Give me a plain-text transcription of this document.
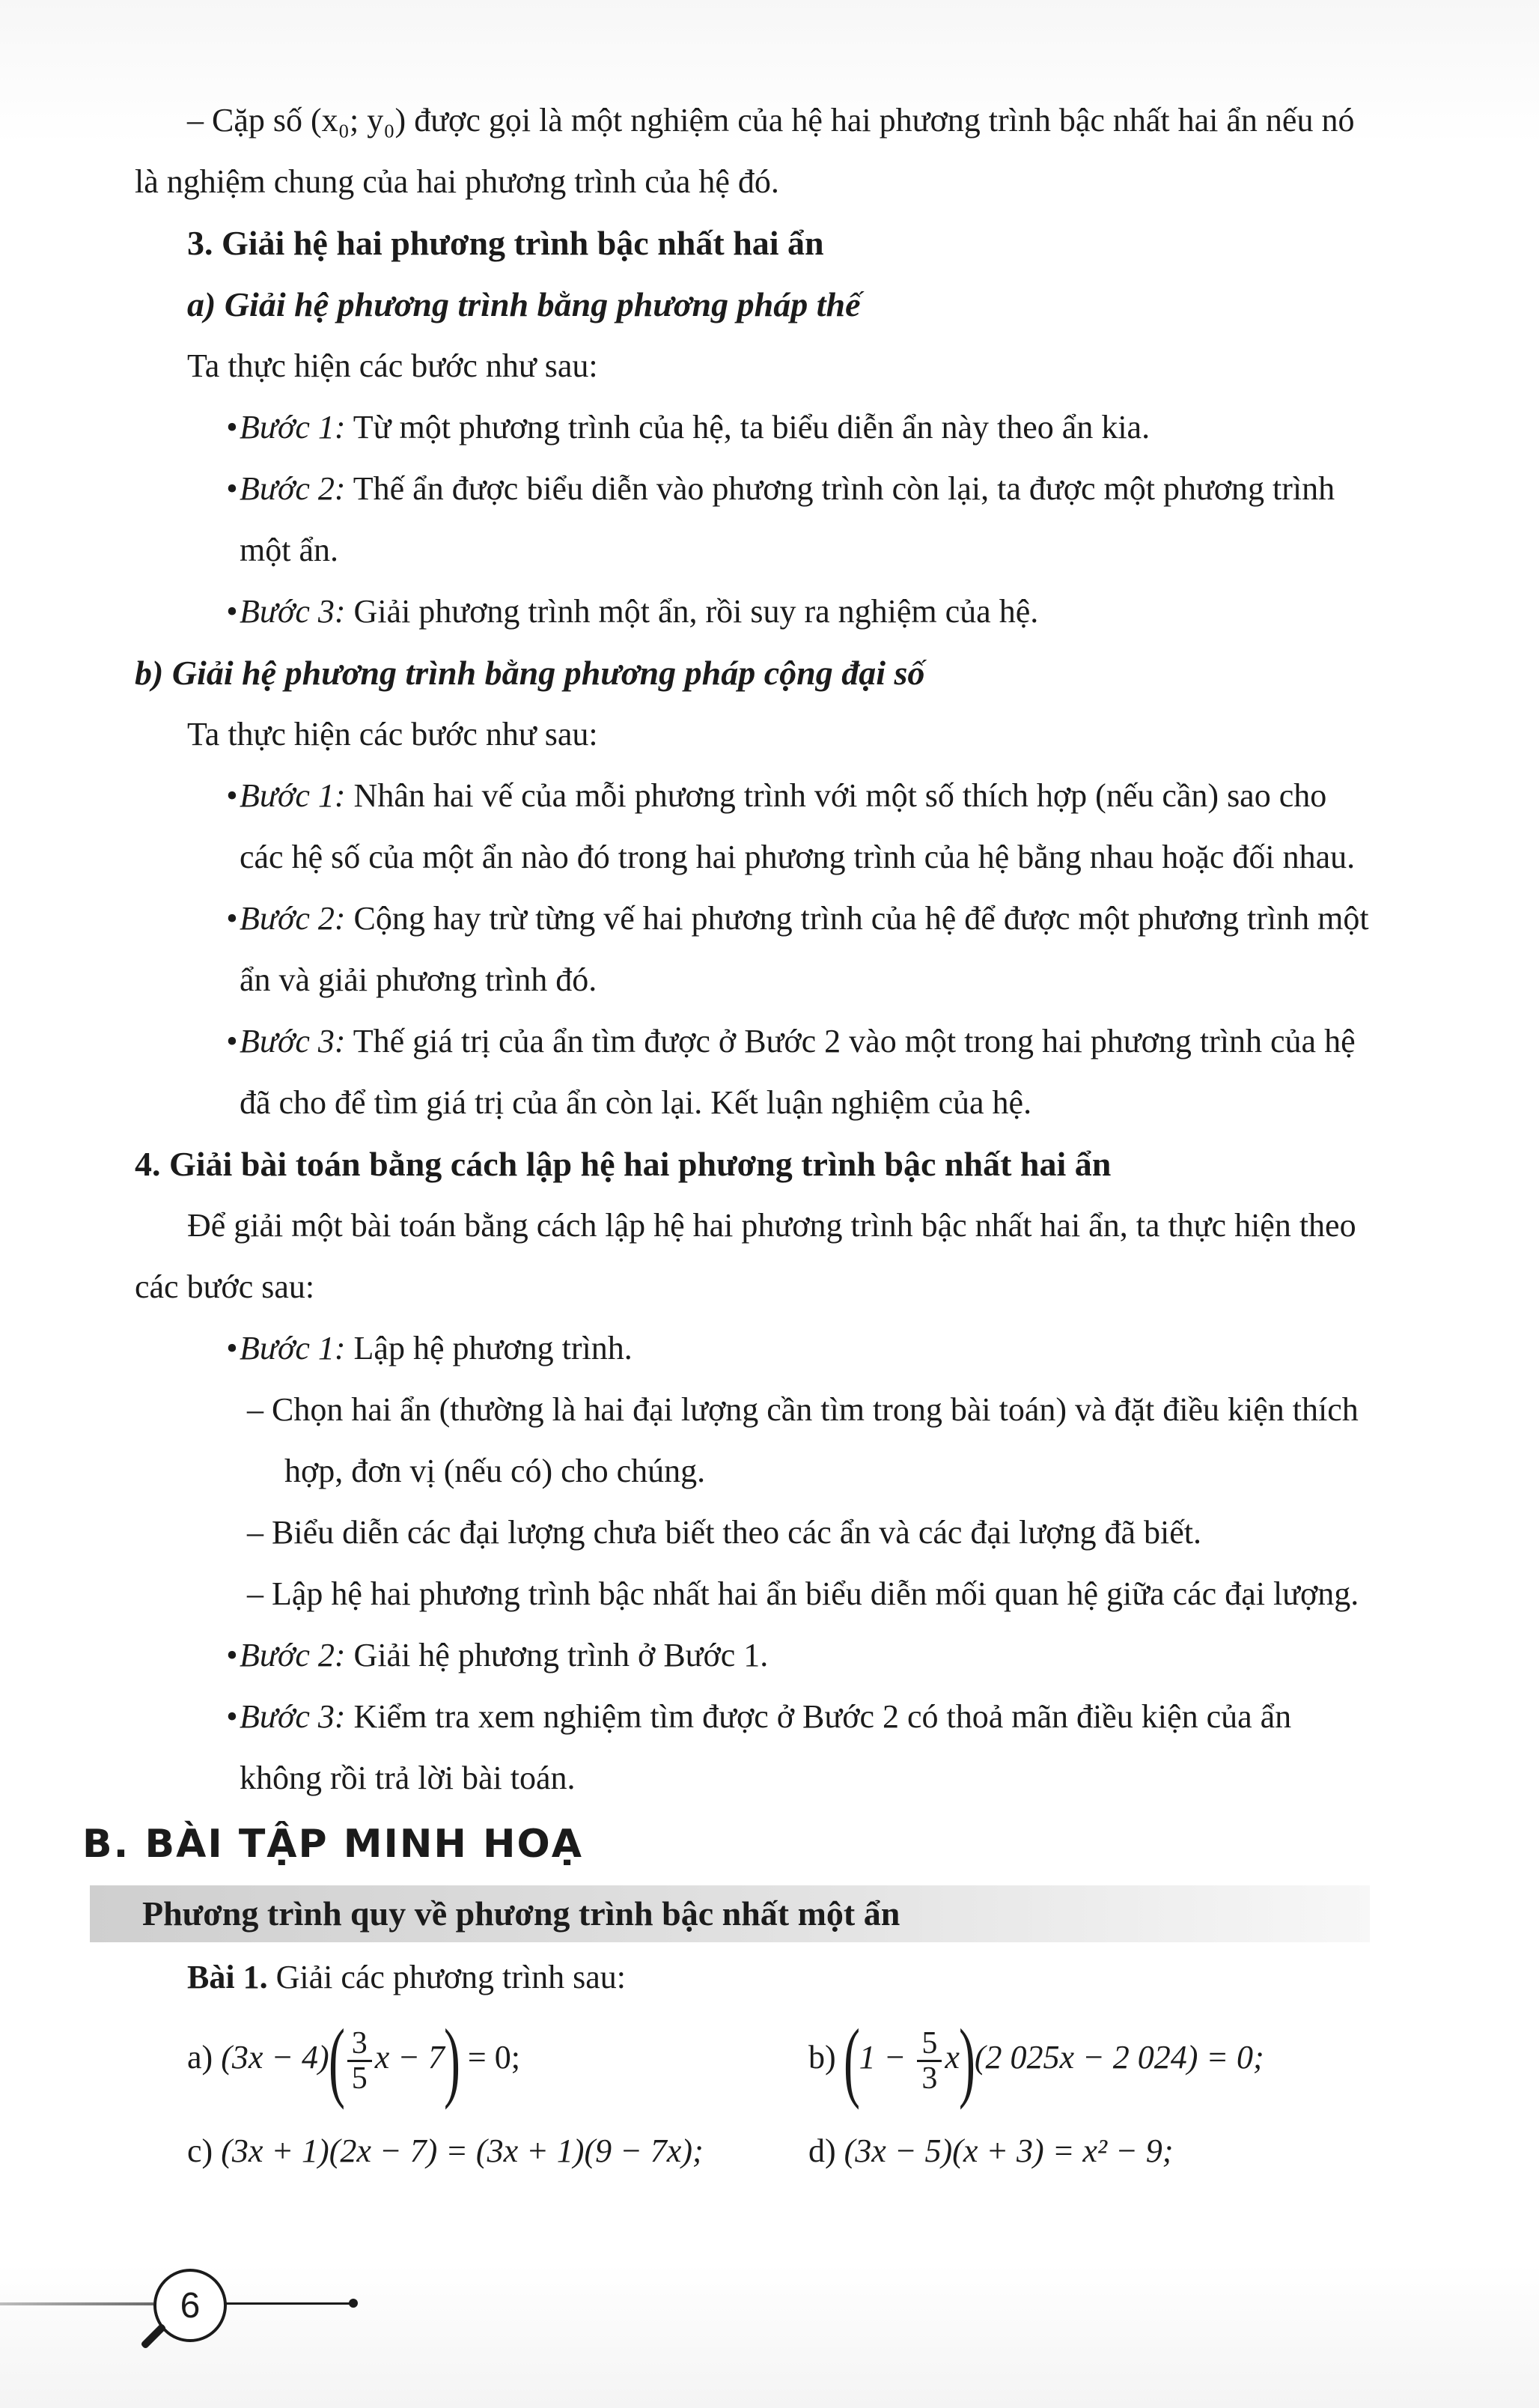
– Cặp số (x₀; y₀) được gọi là một nghiệm của hệ hai phương trình bậc nhất hai ẩn nếu nó

là nghiệm chung của hai phương trình của hệ đó.

3. Giải hệ hai phương trình bậc nhất hai ẩn

a) Giải hệ phương trình bằng phương pháp thế

Ta thực hiện các bước như sau:

• Bước 1: Từ một phương trình của hệ, ta biểu diễn ẩn này theo ẩn kia.
• Bước 2: Thế ẩn được biểu diễn vào phương trình còn lại, ta được một phương trình
một ẩn.
• Bước 3: Giải phương trình một ẩn, rồi suy ra nghiệm của hệ.

b) Giải hệ phương trình bằng phương pháp cộng đại số

Ta thực hiện các bước như sau:

• Bước 1: Nhân hai vế của mỗi phương trình với một số thích hợp (nếu cần) sao cho
các hệ số của một ẩn nào đó trong hai phương trình của hệ bằng nhau hoặc đối nhau.
• Bước 2: Cộng hay trừ từng vế hai phương trình của hệ để được một phương trình một
ẩn và giải phương trình đó.
• Bước 3: Thế giá trị của ẩn tìm được ở Bước 2 vào một trong hai phương trình của hệ
đã cho để tìm giá trị của ẩn còn lại. Kết luận nghiệm của hệ.

4. Giải bài toán bằng cách lập hệ hai phương trình bậc nhất hai ẩn

Để giải một bài toán bằng cách lập hệ hai phương trình bậc nhất hai ẩn, ta thực hiện theo

các bước sau:

• Bước 1: Lập hệ phương trình.

– Chọn hai ẩn (thường là hai đại lượng cần tìm trong bài toán) và đặt điều kiện thích

hợp, đơn vị (nếu có) cho chúng.

– Biểu diễn các đại lượng chưa biết theo các ẩn và các đại lượng đã biết.

– Lập hệ hai phương trình bậc nhất hai ẩn biểu diễn mối quan hệ giữa các đại lượng.

• Bước 2: Giải hệ phương trình ở Bước 1.
• Bước 3: Kiểm tra xem nghiệm tìm được ở Bước 2 có thoả mãn điều kiện của ẩn
không rồi trả lời bài toán.

B. BÀI TẬP MINH HOẠ

Phương trình quy về phương trình bậc nhất một ẩn

Bài 1. Giải các phương trình sau:

a) $(3x - 4)( \frac{3}{5}$ x − 7) = 0;	b) $(1 - \frac{5}{3} x)(2$ 025x − 2 024) = 0;
c) (3x + 1)(2x − 7) = (3x + 1)(9 − 7x);	d) (3x − 5)(x + 3) = x² − 9;
6
